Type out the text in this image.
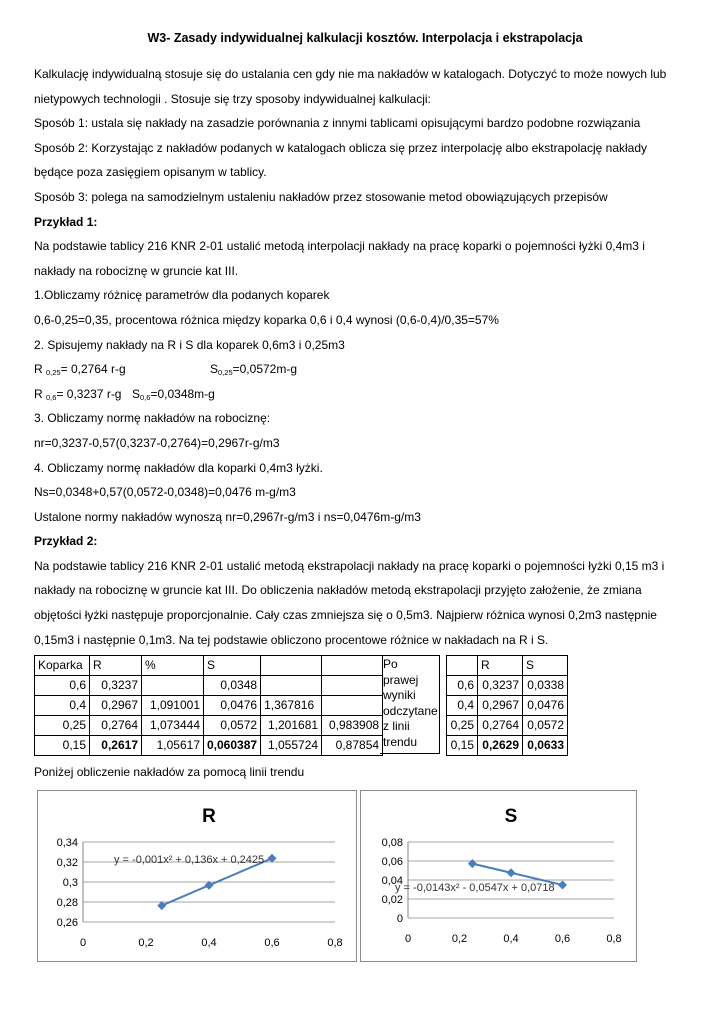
W3- Zasady indywidualnej kalkulacji kosztów. Interpolacja i ekstrapolacja
Kalkulację indywidualną stosuje się do ustalania cen gdy nie ma nakładów w katalogach. Dotyczyć to może nowych lub
nietypowych technologii . Stosuje się trzy sposoby indywidualnej kalkulacji:
Sposób 1: ustala się nakłady na zasadzie porównania z innymi tablicami opisującymi bardzo podobne rozwiązania
Sposób 2: Korzystając z nakładów podanych w katalogach oblicza się przez interpolację albo ekstrapolację nakłady
będące poza zasięgiem opisanym w tablicy.
Sposób 3: polega na samodzielnym ustaleniu nakładów przez stosowanie metod obowiązujących przepisów
Przykład 1:
Na podstawie tablicy 216 KNR 2-01 ustalić metodą interpolacji nakłady na pracę koparki o pojemności łyżki 0,4m3 i
nakłady na robociznę w gruncie kat III.
1.Obliczamy różnicę parametrów dla podanych koparek
0,6-0,25=0,35, procentowa różnica między koparka 0,6 i 0,4 wynosi (0,6-0,4)/0,35=57%
2. Spisujemy nakłady na R i S dla koparek 0,6m3 i 0,25m3
R $_{0,25}$= 0,2764 r-g	$S_{0,25}=0,0572m-g$
R $_{0,6}$= 0,3237 r-g $S_{0,6}=0,0348m-g$
3. Obliczamy normę nakładów na robociznę:
nr=0,3237-0,57(0,3237-0,2764)=0,2967r-g/m3
4. Obliczamy normę nakładów dla koparki 0,4m3 łyżki.
Ns=0,0348+0,57(0,0572-0,0348)=0,0476 m-g/m3
Ustalone normy nakładów wynoszą nr=0,2967r-g/m3 i ns=0,0476m-g/m3
Przykład 2:
Na podstawie tablicy 216 KNR 2-01 ustalić metodą ekstrapolacji nakłady na pracę koparki o pojemności łyżki 0,15 m3 i
nakłady na robociznę w gruncie kat III. Do obliczenia nakładów metodą ekstrapolacji przyjęto założenie, że zmiana
objętości łyżki następuje proporcjonalnie. Cały czas zmniejsza się o 0,5m3. Najpierw różnica wynosi 0,2m3 następnie
0,15m3 i następnie 0,1m3. Na tej podstawie obliczono procentowe różnice w nakładach na R i S.
Koparka	R	%	S		
0,6	0,3237		0,0348		
0,4	0,2967	1,091001	0,0476	1,367816	
0,25	0,2764	1,073444	0,0572	1,201681	0,983908
0,15	0,2617	1,05617	0,060387	1,055724	0,87854
Po prawej wyniki odczytane z linii trendu
	R	S
0,6	0,3237	0,0338
0,4	0,2967	0,0476
0,25	0,2764	0,0572
0,15	0,2629	0,0633
Poniżej obliczenie nakładów za pomocą linii trendu
R
0,26
0,28
0,3
0,32
0,34
0	0,2	0,4	0,6	0,8
y = -0,001x² + 0,136x + 0,2425
S
0
0,02
0,04
0,06
0,08
0	0,2	0,4	0,6	0,8
y = -0,0143x² - 0,0547x + 0,0718
